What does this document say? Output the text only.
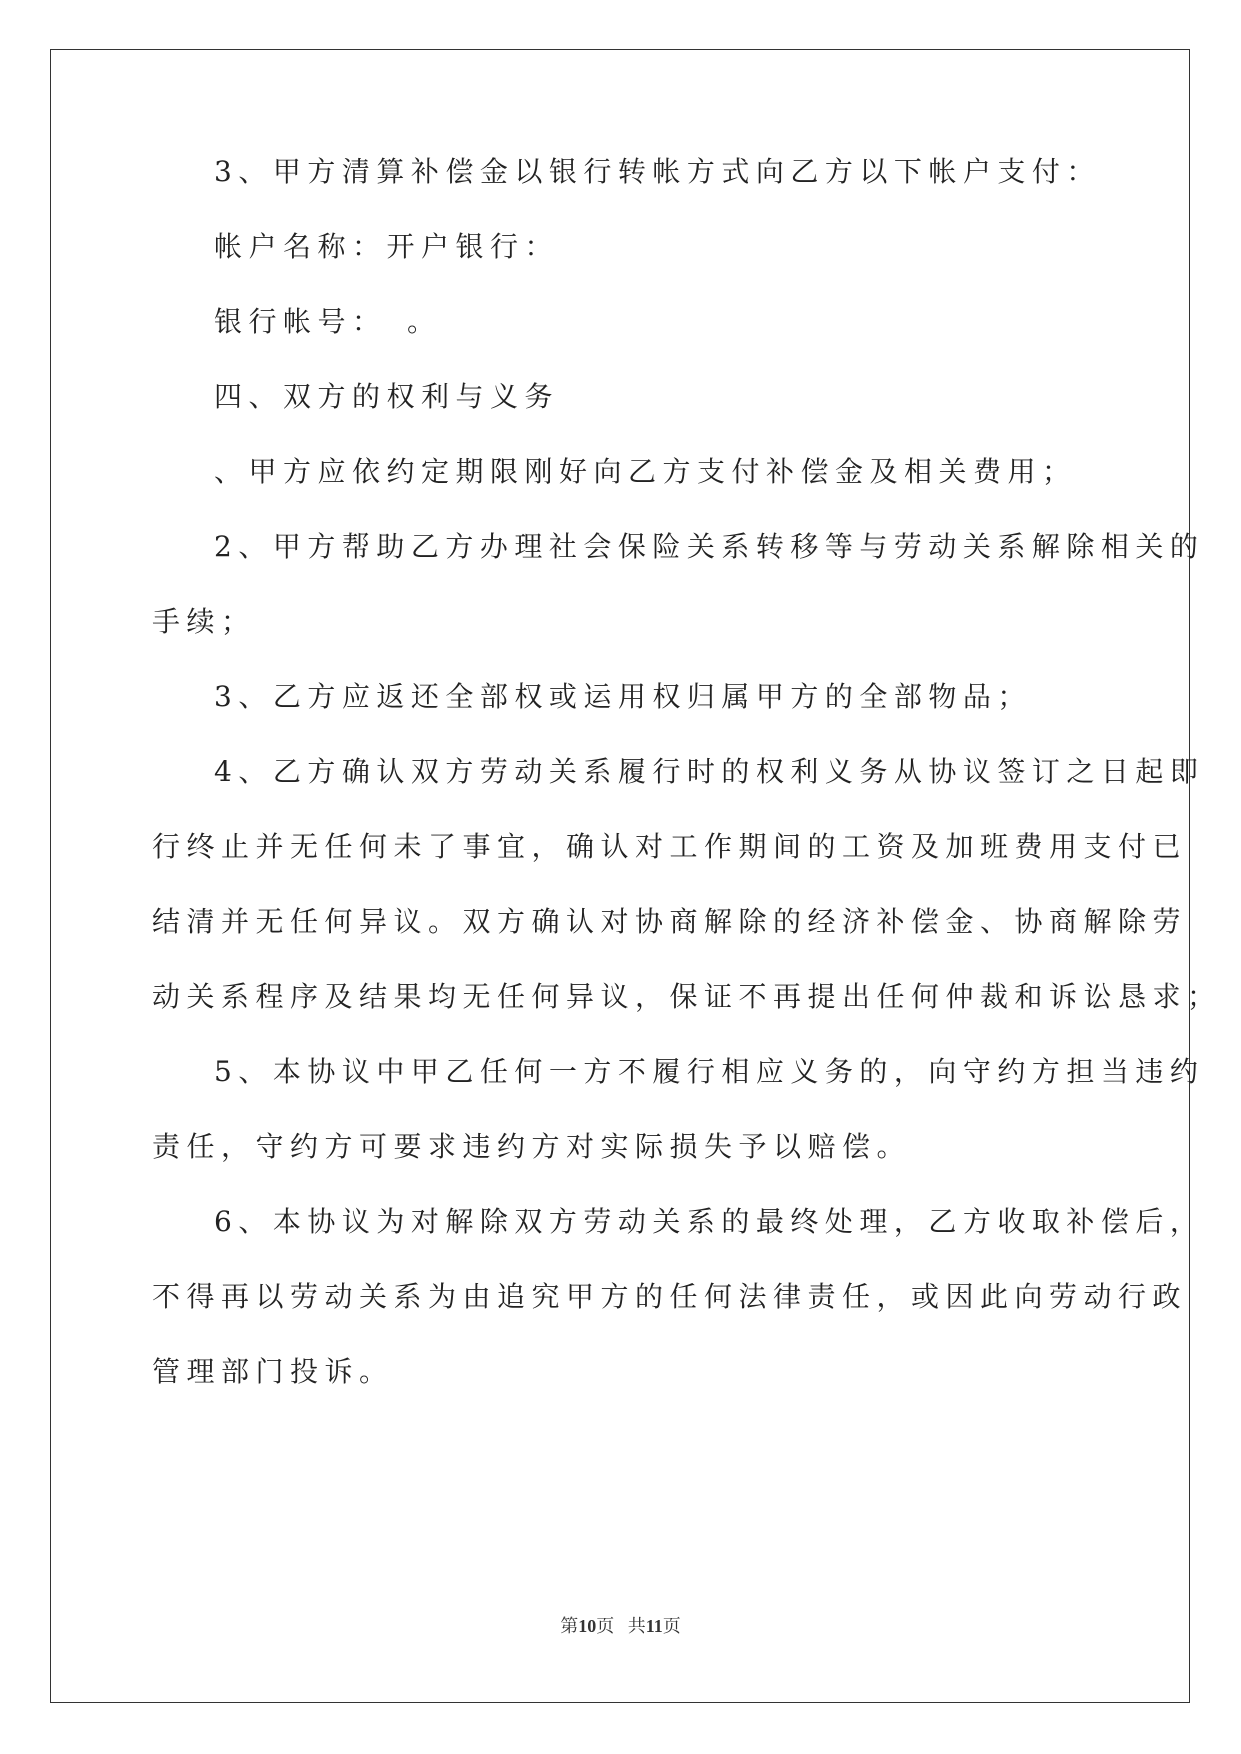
3、甲方清算补偿金以银行转帐方式向乙方以下帐户支付：
帐户名称：开户银行：
银行帐号：　。
四、双方的权利与义务
、甲方应依约定期限刚好向乙方支付补偿金及相关费用；
2、甲方帮助乙方办理社会保险关系转移等与劳动关系解除相关的
手续；
3、乙方应返还全部权或运用权归属甲方的全部物品；
4、乙方确认双方劳动关系履行时的权利义务从协议签订之日起即
行终止并无任何未了事宜，确认对工作期间的工资及加班费用支付已
结清并无任何异议。双方确认对协商解除的经济补偿金、协商解除劳
动关系程序及结果均无任何异议，保证不再提出任何仲裁和诉讼恳求；
5、本协议中甲乙任何一方不履行相应义务的，向守约方担当违约
责任，守约方可要求违约方对实际损失予以赔偿。
6、本协议为对解除双方劳动关系的最终处理，乙方收取补偿后，
不得再以劳动关系为由追究甲方的任何法律责任，或因此向劳动行政
管理部门投诉。
第10页 共11页
